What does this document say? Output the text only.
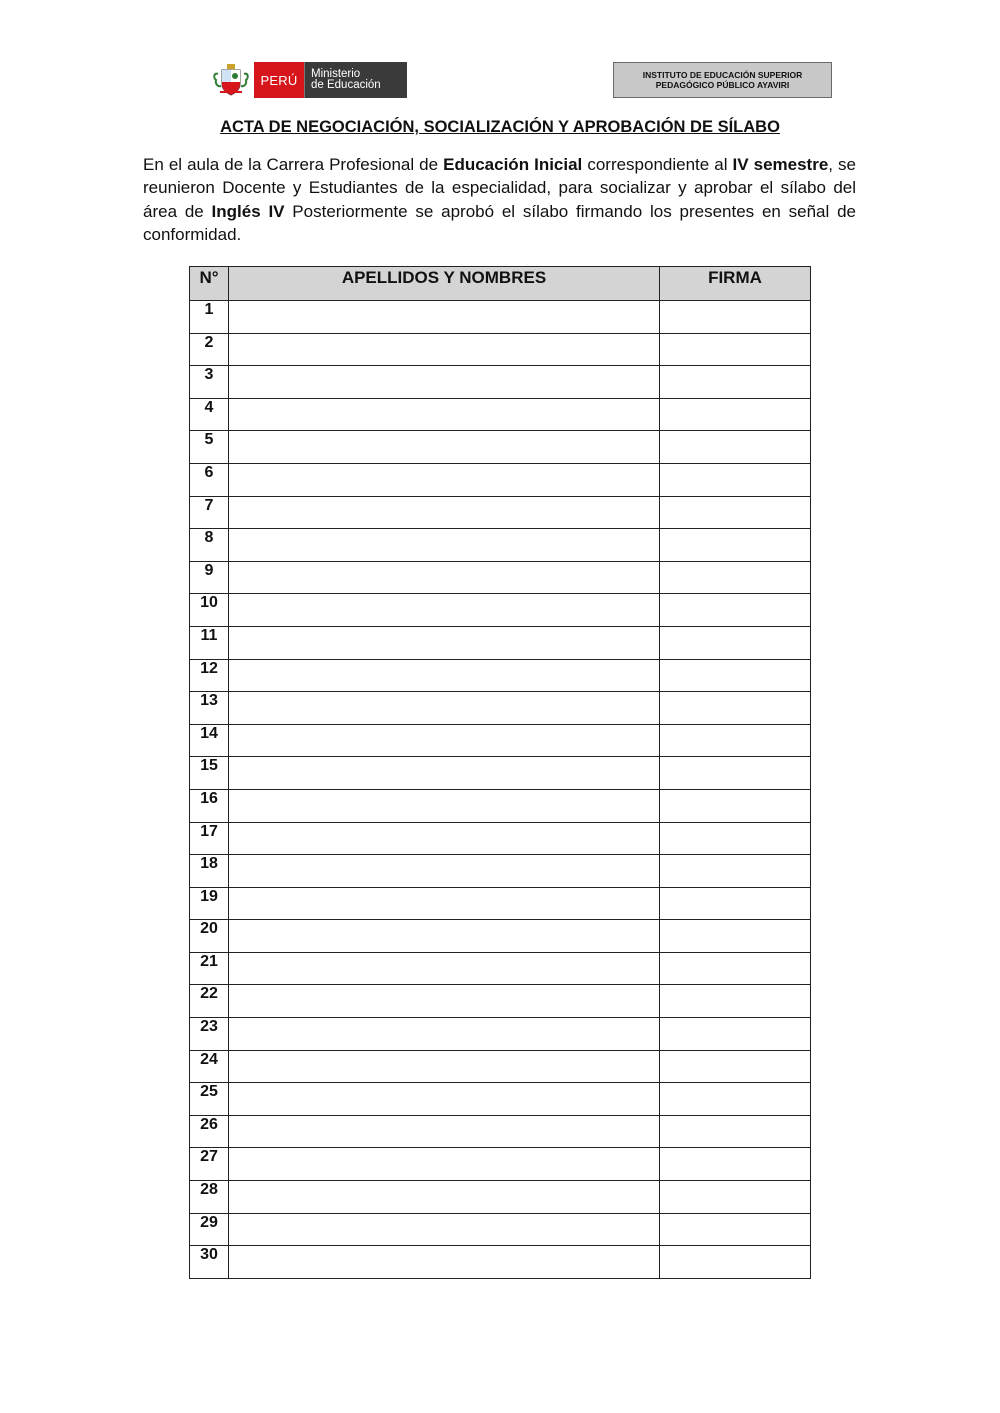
PERÚ	Ministerio
de Educación
INSTITUTO DE EDUCACIÓN SUPERIOR
PEDAGÓGICO PÚBLICO AYAVIRI
ACTA DE NEGOCIACIÓN, SOCIALIZACIÓN Y APROBACIÓN DE SÍLABO

En el aula de la Carrera Profesional de Educación Inicial correspondiente al IV semestre, se reunieron Docente y Estudiantes de la especialidad, para socializar y aprobar el sílabo del área de Inglés IV Posteriormente se aprobó el sílabo firmando los presentes en señal de conformidad.

N°	APELLIDOS Y NOMBRES	FIRMA
1		
2		
3		
4		
5		
6		
7		
8		
9		
10		
11		
12		
13		
14		
15		
16		
17		
18		
19		
20		
21		
22		
23		
24		
25		
26		
27		
28		
29		
30		
